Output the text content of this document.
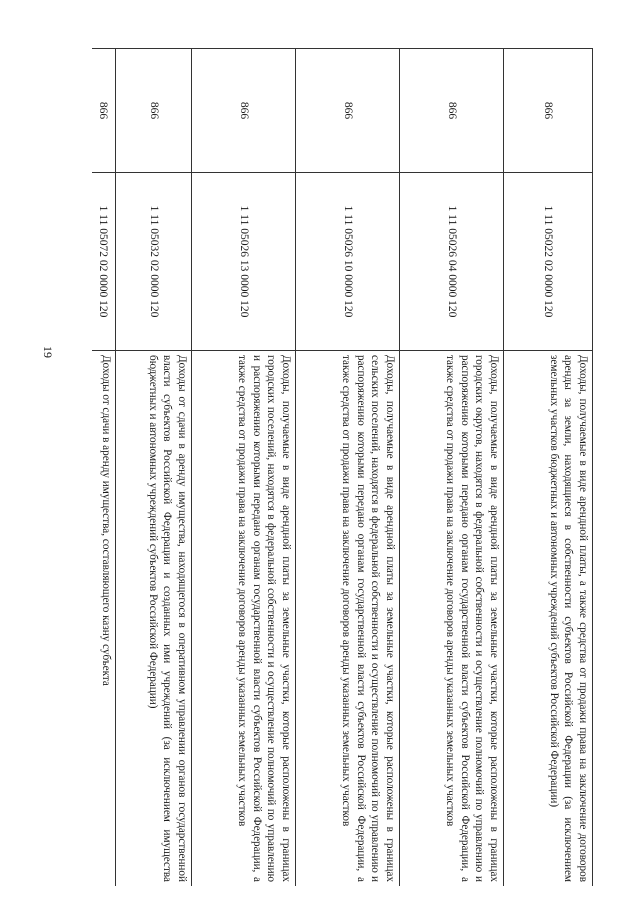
19
866	1 11 05022 02 0000 120	Доходы, получаемые в виде арендной платы, а также средства от продажи права на заключение договоров аренды за земли, находящиеся в собственности субъектов Российской Федерации (за исключением земельных участков бюджетных и автономных учреждений субъектов Российской Федерации)
866	1 11 05026 04 0000 120	Доходы, получаемые в виде арендной платы за земельные участки, которые расположены в границах городских округов, находятся в федеральной собственности и осуществление полномочий по управлению и распоряжению которыми передано органам государственной власти субъектов Российской Федерации, а также средства от продажи права на заключение договоров аренды указанных земельных участков
866	1 11 05026 10 0000 120	Доходы, получаемые в виде арендной платы за земельные участки, которые расположены в границах сельских поселений, находятся в федеральной собственности и осуществление полномочий по управлению и распоряжению которыми передано органам государственной власти субъектов Российской Федерации, а также средства от продажи права на заключение договоров аренды указанных земельных участков
866	1 11 05026 13 0000 120	Доходы, получаемые в виде арендной платы за земельные участки, которые расположены в границах городских поселений, находятся в федеральной собственности и осуществление полномочий по управлению и распоряжению которыми передано органам государственной власти субъектов Российской Федерации, а также средства от продажи права на заключение договоров аренды указанных земельных участков
866	1 11 05032 02 0000 120	Доходы от сдачи в аренду имущества, находящегося в оперативном управлении органов государственной власти субъектов Российской Федерации и созданных ими учреждений (за исключением имущества бюджетных и автономных учреждений субъектов Российской Федерации)
866	1 11 05072 02 0000 120	Доходы от сдачи в аренду имущества, составляющего казну субъекта
